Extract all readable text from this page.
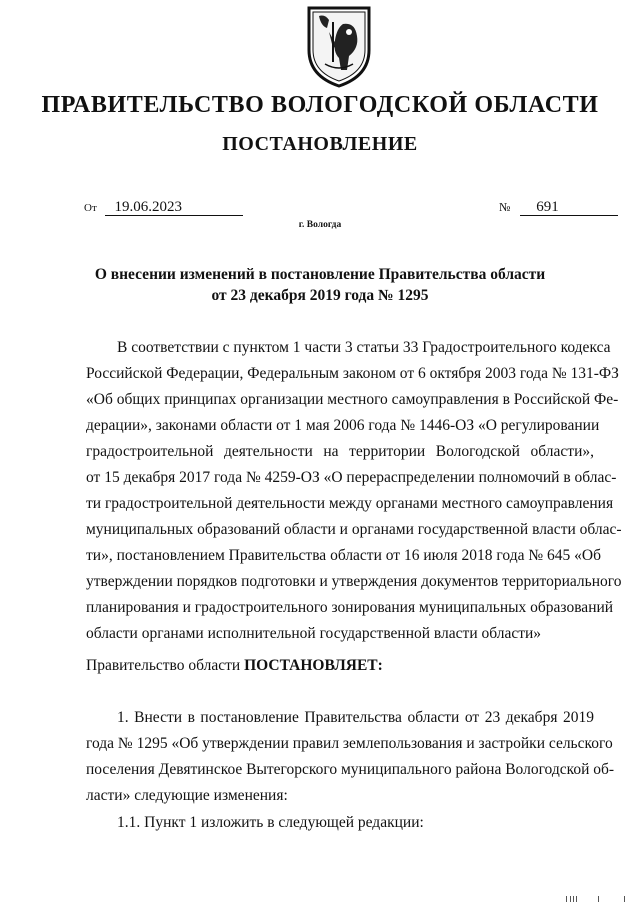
ПРАВИТЕЛЬСТВО ВОЛОГОДСКОЙ ОБЛАСТИ
ПОСТАНОВЛЕНИЕ
От 19.06.2023	№ 691
г. Вологда
О внесении изменений в постановление Правительства области
от 23 декабря 2019 года № 1295

В соответствии с пунктом 1 части 3 статьи 33 Градостроительного кодекса
Российской Федерации, Федеральным законом от 6 октября 2003 года № 131-ФЗ
«Об общих принципах организации местного самоуправления в Российской Фе-
дерации», законами области от 1 мая 2006 года № 1446-ОЗ «О регулировании
градостроительной деятельности на территории Вологодской области»,
от 15 декабря 2017 года № 4259-ОЗ «О перераспределении полномочий в облас-
ти градостроительной деятельности между органами местного самоуправления
муниципальных образований области и органами государственной власти облас-
ти», постановлением Правительства области от 16 июля 2018 года № 645 «Об
утверждении порядков подготовки и утверждения документов территориального
планирования и градостроительного зонирования муниципальных образований
области органами исполнительной государственной власти области»

Правительство области ПОСТАНОВЛЯЕТ:

1. Внести в постановление Правительства области от 23 декабря 2019
года № 1295 «Об утверждении правил землепользования и застройки сельского
поселения Девятинское Вытегорского муниципального района Вологодской об-
ласти» следующие изменения:

1.1. Пункт 1 изложить в следующей редакции:
